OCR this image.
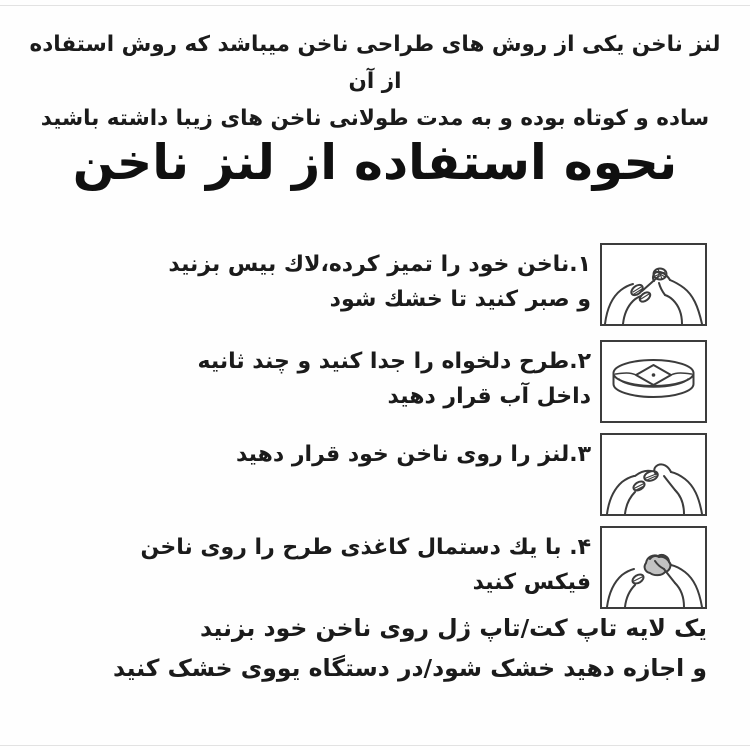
لنز ناخن یکی از روش های طراحی ناخن میباشد که روش استفاده از آن
ساده و کوتاه بوده و به مدت طولانی ناخن های زیبا داشته باشید

نحوه استفاده از لنز ناخن
۱.ناخن خود را تمیز كرده،لاك بیس بزنید
و صبر كنید تا خشك شود
۲.طرح دلخواه را جدا كنید و چند ثانیه
داخل آب قرار دهید
۳.لنز را روی ناخن خود قرار دهید
۴. با یك دستمال كاغذی طرح را روی ناخن
فیكس كنید

یک لایه تاپ کت/تاپ ژل روی ناخن خود بزنید
و اجازه دهید خشک شود/در دستگاه یووی خشک کنید
